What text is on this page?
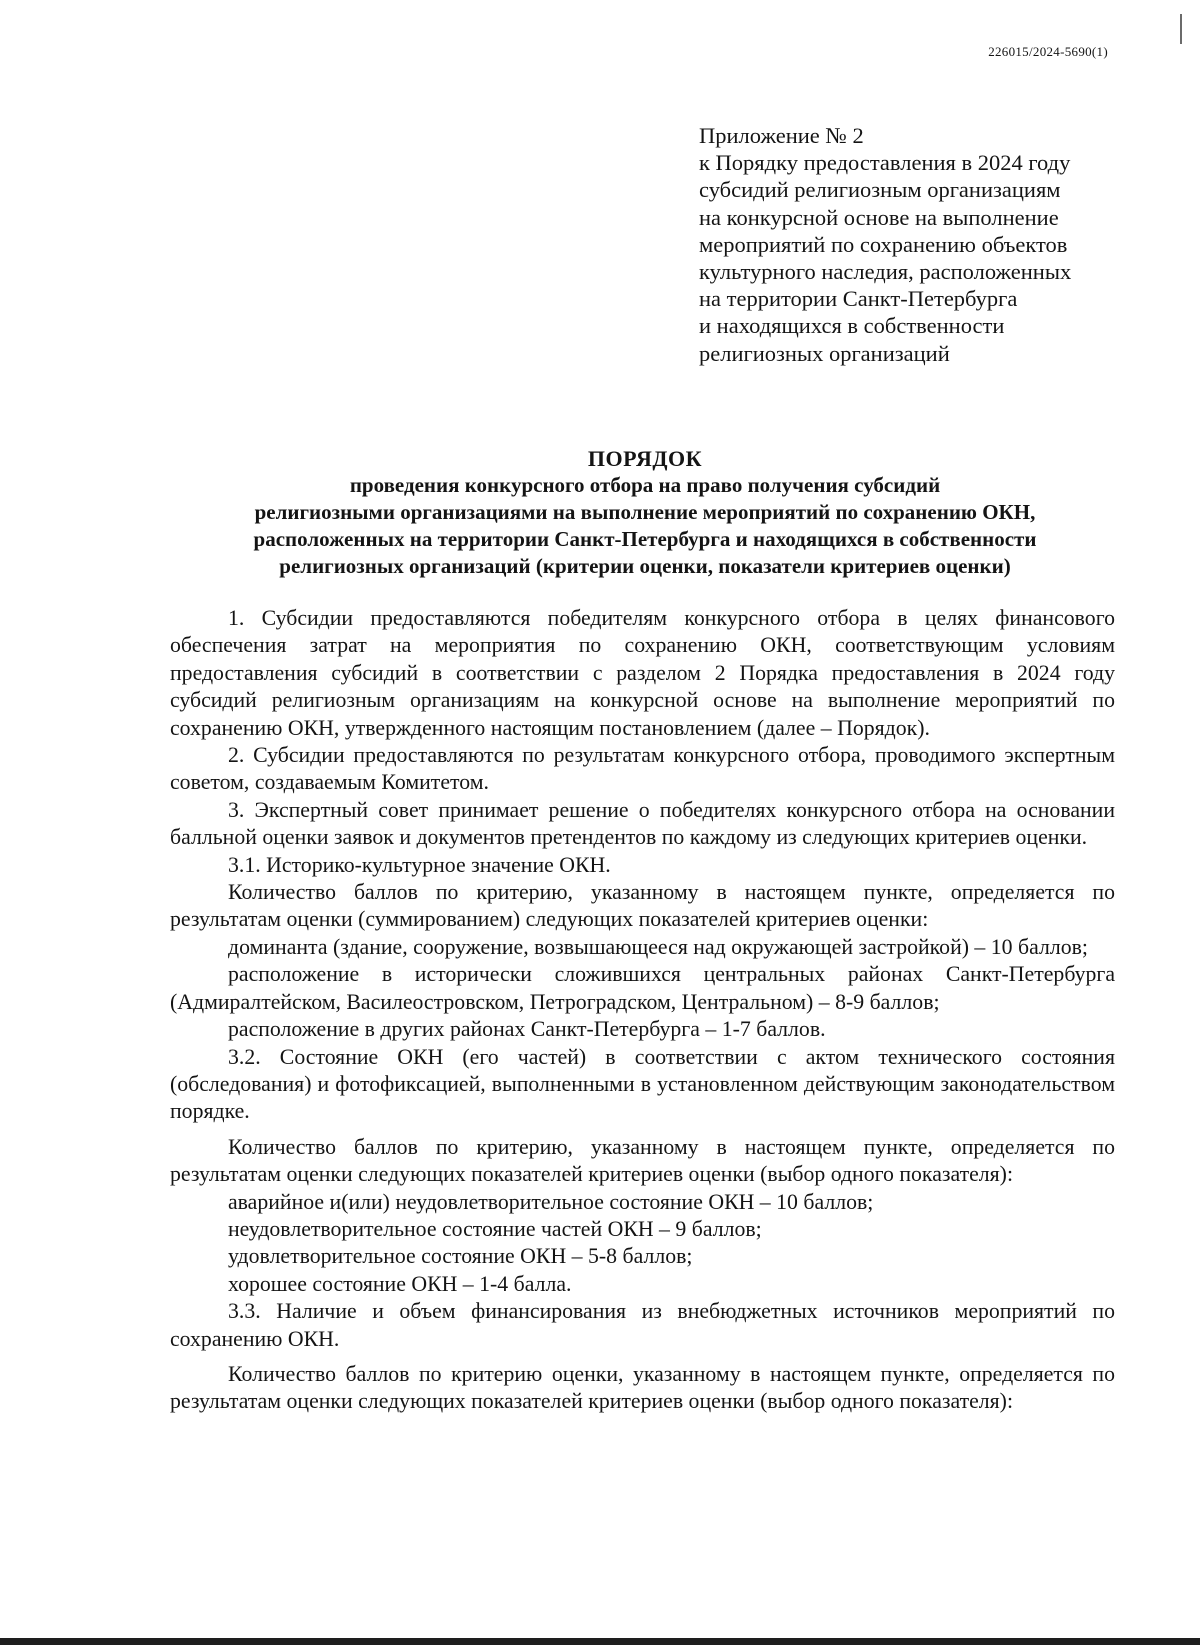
226015/2024-5690(1)
Приложение № 2
к Порядку предоставления в 2024 году
субсидий религиозным организациям
на конкурсной основе на выполнение
мероприятий по сохранению объектов
культурного наследия, расположенных
на территории Санкт-Петербурга
и находящихся в собственности
религиозных организаций
ПОРЯДОК
проведения конкурсного отбора на право получения субсидий
религиозными организациями на выполнение мероприятий по сохранению ОКН,
расположенных на территории Санкт-Петербурга и находящихся в собственности
религиозных организаций (критерии оценки, показатели критериев оценки)

1. Субсидии предоставляются победителям конкурсного отбора в целях финансового обеспечения затрат на мероприятия по сохранению ОКН, соответствующим условиям предоставления субсидий в соответствии с разделом 2 Порядка предоставления в 2024 году субсидий религиозным организациям на конкурсной основе на выполнение мероприятий по сохранению ОКН, утвержденного настоящим постановлением (далее – Порядок).

2. Субсидии предоставляются по результатам конкурсного отбора, проводимого экспертным советом, создаваемым Комитетом.

3. Экспертный совет принимает решение о победителях конкурсного отбора на основании балльной оценки заявок и документов претендентов по каждому из следующих критериев оценки.

3.1. Историко-культурное значение ОКН.

Количество баллов по критерию, указанному в настоящем пункте, определяется по результатам оценки (суммированием) следующих показателей критериев оценки:

доминанта (здание, сооружение, возвышающееся над окружающей застройкой) – 10 баллов;

расположение в исторически сложившихся центральных районах Санкт-Петербурга (Адмиралтейском, Василеостровском, Петроградском, Центральном) – 8-9 баллов;

расположение в других районах Санкт-Петербурга – 1-7 баллов.

3.2. Состояние ОКН (его частей) в соответствии с актом технического состояния (обследования) и фотофиксацией, выполненными в установленном действующим законодательством порядке.

Количество баллов по критерию, указанному в настоящем пункте, определяется по результатам оценки следующих показателей критериев оценки (выбор одного показателя):

аварийное и(или) неудовлетворительное состояние ОКН – 10 баллов;

неудовлетворительное состояние частей ОКН – 9 баллов;

удовлетворительное состояние ОКН – 5-8 баллов;

хорошее состояние ОКН – 1-4 балла.

3.3. Наличие и объем финансирования из внебюджетных источников мероприятий по сохранению ОКН.

Количество баллов по критерию оценки, указанному в настоящем пункте, определяется по результатам оценки следующих показателей критериев оценки (выбор одного показателя):
